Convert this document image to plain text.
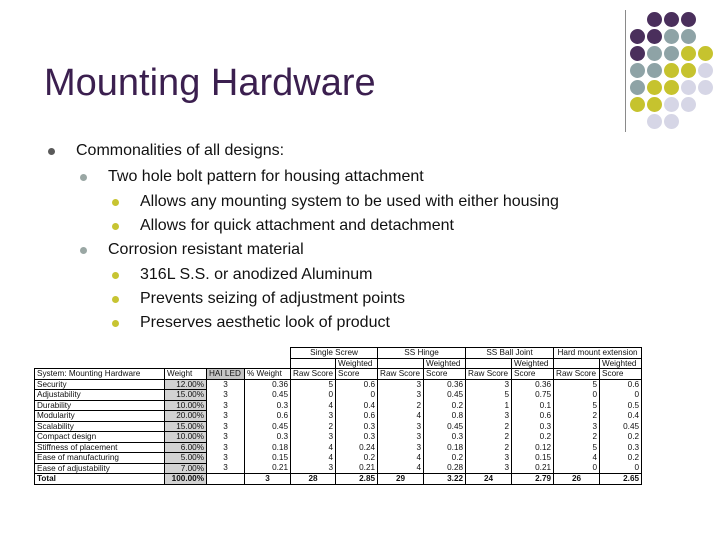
Mounting Hardware
Commonalities of all designs:
Two hole bolt pattern for housing attachment
Allows any mounting system to be used with either housing
Allows for quick attachment and detachment
Corrosion resistant material
316L S.S. or anodized Aluminum
Prevents seizing of adjustment points
Preserves aesthetic look of product
				Single Screw		SS Hinge		SS Ball Joint		Hard mount extension	
					Weighted		Weighted		Weighted		Weighted
System: Mounting Hardware	Weight	HAI LED	% Weight	Raw Score	Score	Raw Score	Score	Raw Score	Score	Raw Score	Score
Security	12.00%	3	0.36	5	0.6	3	0.36	3	0.36	5	0.6
Adjustability	15.00%	3	0.45	0	0	3	0.45	5	0.75	0	0
Durability	10.00%	3	0.3	4	0.4	2	0.2	1	0.1	5	0.5
Modularity	20.00%	3	0.6	3	0.6	4	0.8	3	0.6	2	0.4
Scalability	15.00%	3	0.45	2	0.3	3	0.45	2	0.3	3	0.45
Compact design	10.00%	3	0.3	3	0.3	3	0.3	2	0.2	2	0.2
Stiffness of placement	6.00%	3	0.18	4	0.24	3	0.18	2	0.12	5	0.3
Ease of manufacturing	5.00%	3	0.15	4	0.2	4	0.2	3	0.15	4	0.2
Ease of adjustability	7.00%	3	0.21	3	0.21	4	0.28	3	0.21	0	0
Total	100.00%		3	28	2.85	29	3.22	24	2.79	26	2.65
